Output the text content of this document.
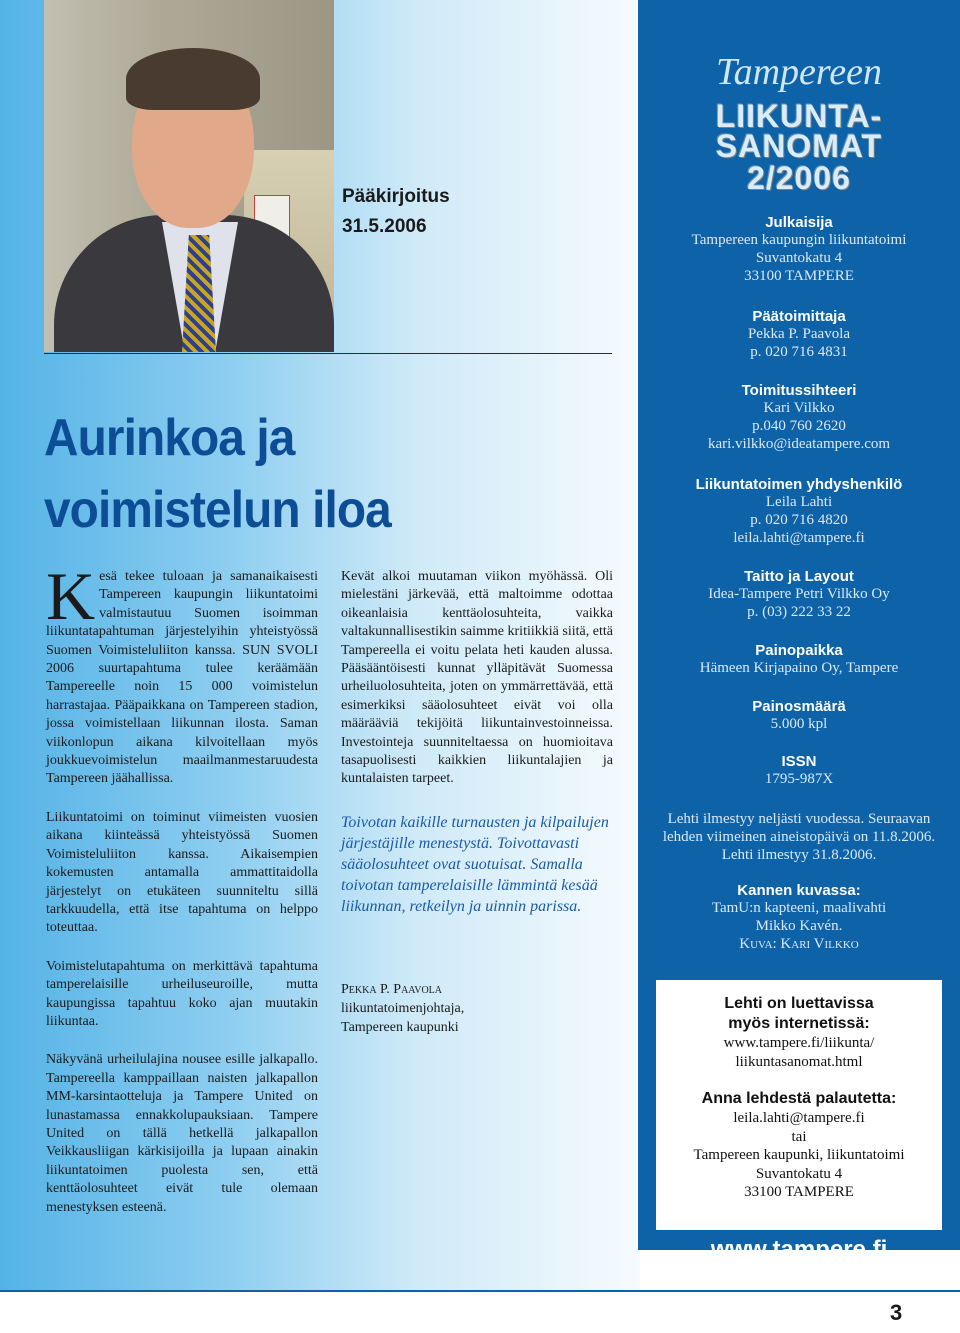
Pääkirjoitus
31.5.2006
Aurinkoa ja
voimistelun iloa

Kesä tekee tuloaan ja samanaikaisesti Tampereen kaupungin liikuntatoimi valmistautuu Suomen isoimman liikuntatapahtuman järjestelyihin yhteistyössä Suomen Voimisteluliiton kanssa. SUN SVOLI 2006 suurtapahtuma tulee keräämään Tampereelle noin 15 000 voimistelun harrastajaa. Pääpaikkana on Tampereen stadion, jossa voimistellaan liikunnan ilosta. Saman viikonlopun aikana kilvoitellaan myös joukkuevoimistelun maailmanmestaruudesta Tampereen jäähallissa.

Liikuntatoimi on toiminut viimeisten vuosien aikana kiinteässä yhteistyössä Suomen Voimisteluliiton kanssa. Aikaisempien kokemusten antamalla ammattitaidolla järjestelyt on etukäteen suunniteltu sillä tarkkuudella, että itse tapahtuma on helppo toteuttaa.

Voimistelutapahtuma on merkittävä tapahtuma tamperelaisille urheiluseuroille, mutta kaupungissa tapahtuu koko ajan muutakin liikuntaa.

Näkyvänä urheilulajina nousee esille jalkapallo. Tampereella kamppaillaan naisten jalkapallon MM-karsintaotteluja ja Tampere United on lunastamassa ennakkolupauksiaan. Tampere United on tällä hetkellä jalkapallon Veikkausliigan kärkisijoilla ja lupaan ainakin liikuntatoimen puolesta sen, että kenttäolosuhteet eivät tule olemaan menestyksen esteenä.

Kevät alkoi muutaman viikon myöhässä. Oli mielestäni järkevää, että maltoimme odottaa oikeanlaisia kenttäolosuhteita, vaikka valtakunnallisestikin saimme kritiikkiä siitä, että Tampereella ei voitu pelata heti kauden alussa. Pääsääntöisesti kunnat ylläpitävät Suomessa urheiluolosuhteita, joten on ymmärrettävää, että esimerkiksi sääolosuhteet eivät voi olla määrääviä tekijöitä liikuntainvestoinneissa. Investointeja suunniteltaessa on huomioitava tasapuolisesti kaikkien liikuntalajien ja kuntalaisten tarpeet.

Toivotan kaikille turnausten ja kilpailujen järjestäjille menestystä. Toivottavasti sääolosuhteet ovat suotuisat. Samalla toivotan tamperelaisille lämmintä kesää liikunnan, retkeilyn ja uinnin parissa.
Pekka P. Paavola
liikuntatoimenjohtaja,
Tampereen kaupunki
Tampereen
LIIKUNTA-
SANOMAT
2/2006
Julkaisija
Tampereen kaupungin liikuntatoimi
Suvantokatu 4
33100 TAMPERE
Päätoimittaja
Pekka P. Paavola
p. 020 716 4831
Toimitussihteeri
Kari Vilkko
p.040 760 2620
kari.vilkko@ideatampere.com
Liikuntatoimen yhdyshenkilö
Leila Lahti
p. 020 716 4820
leila.lahti@tampere.fi
Taitto ja Layout
Idea-Tampere Petri Vilkko Oy
p. (03) 222 33 22
Painopaikka
Hämeen Kirjapaino Oy, Tampere
Painosmäärä
5.000 kpl
ISSN
1795-987X
Lehti ilmestyy neljästi vuodessa. Seuraavan lehden viimeinen aineistopäivä on 11.8.2006. Lehti ilmestyy 31.8.2006.
Kannen kuvassa:
TamU:n kapteeni, maalivahti
Mikko Kavén.
Kuva: Kari Vilkko
Lehti on luettavissa
myös internetissä:
www.tampere.fi/liikunta/
liikuntasanomat.html
Anna lehdestä palautetta:
leila.lahti@tampere.fi
tai
Tampereen kaupunki, liikuntatoimi
Suvantokatu 4
33100 TAMPERE
www.tampere.fi
3
